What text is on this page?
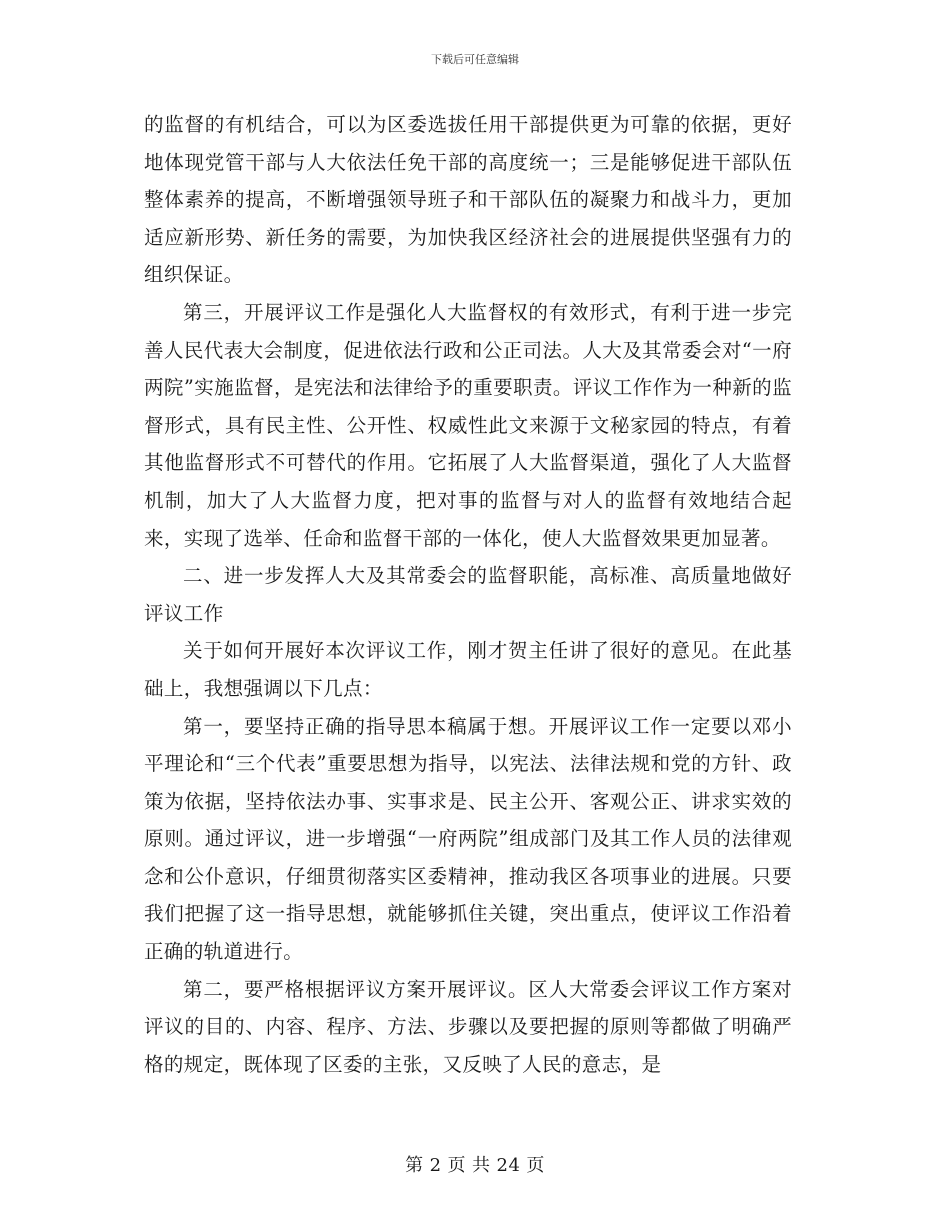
下载后可任意编辑

的监督的有机结合，可以为区委选拔任用干部提供更为可靠的依据，更好地体现党管干部与人大依法任免干部的高度统一；三是能够促进干部队伍整体素养的提高，不断增强领导班子和干部队伍的凝聚力和战斗力，更加适应新形势、新任务的需要，为加快我区经济社会的进展提供坚强有力的组织保证。

第三，开展评议工作是强化人大监督权的有效形式，有利于进一步完善人民代表大会制度，促进依法行政和公正司法。人大及其常委会对“一府两院”实施监督，是宪法和法律给予的重要职责。评议工作作为一种新的监督形式，具有民主性、公开性、权威性此文来源于文秘家园的特点，有着其他监督形式不可替代的作用。它拓展了人大监督渠道，强化了人大监督机制，加大了人大监督力度，把对事的监督与对人的监督有效地结合起来，实现了选举、任命和监督干部的一体化，使人大监督效果更加显著。

二、进一步发挥人大及其常委会的监督职能，高标准、高质量地做好评议工作

关于如何开展好本次评议工作，刚才贺主任讲了很好的意见。在此基础上，我想强调以下几点：

第一，要坚持正确的指导思本稿属于想。开展评议工作一定要以邓小平理论和“三个代表”重要思想为指导，以宪法、法律法规和党的方针、政策为依据，坚持依法办事、实事求是、民主公开、客观公正、讲求实效的原则。通过评议，进一步增强“一府两院”组成部门及其工作人员的法律观念和公仆意识，仔细贯彻落实区委精神，推动我区各项事业的进展。只要我们把握了这一指导思想，就能够抓住关键，突出重点，使评议工作沿着正确的轨道进行。

第二，要严格根据评议方案开展评议。区人大常委会评议工作方案对评议的目的、内容、程序、方法、步骤以及要把握的原则等都做了明确严格的规定，既体现了区委的主张，又反映了人民的意志，是

第 2 页 共 24 页
